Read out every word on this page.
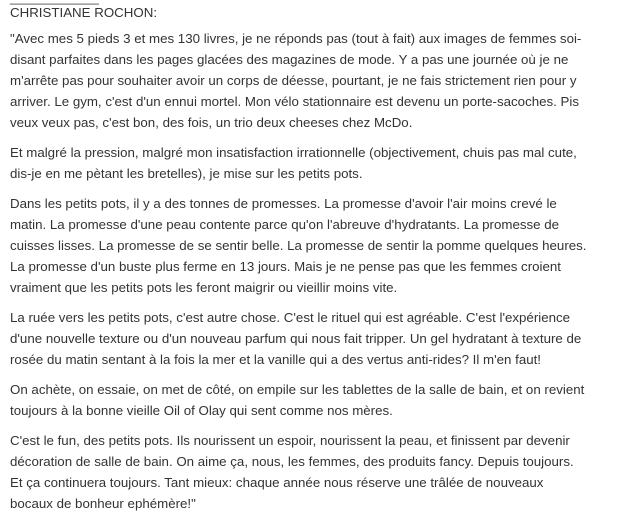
CHRISTIANE ROCHON:
"Avec mes 5 pieds 3 et mes 130 livres, je ne réponds pas (tout à fait) aux images de femmes soi-
disant parfaites dans les pages glacées des magazines de mode. Y a pas une journée où je ne
m'arrête pas pour souhaiter avoir un corps de déesse, pourtant, je ne fais strictement rien pour y
arriver. Le gym, c'est d'un ennui mortel. Mon vélo stationnaire est devenu un porte-sacoches. Pis
veux veux pas, c'est bon, des fois, un trio deux cheeses chez McDo.
Et malgré la pression, malgré mon insatisfaction irrationnelle (objectivement, chuis pas mal cute,
dis-je en me pètant les bretelles), je mise sur les petits pots.
Dans les petits pots, il y a des tonnes de promesses. La promesse d'avoir l'air moins crevé le
matin. La promesse d'une peau contente parce qu'on l'abreuve d'hydratants. La promesse de
cuisses lisses. La promesse de se sentir belle. La promesse de sentir la pomme quelques heures.
La promesse d'un buste plus ferme en 13 jours. Mais je ne pense pas que les femmes croient
vraiment que les petits pots les feront maigrir ou vieillir moins vite.
La ruée vers les petits pots, c'est autre chose. C'est le rituel qui est agréable. C'est l'expérience
d'une nouvelle texture ou d'un nouveau parfum qui nous fait tripper. Un gel hydratant à texture de
rosée du matin sentant à la fois la mer et la vanille qui a des vertus anti-rides? Il m'en faut!
On achète, on essaie, on met de côté, on empile sur les tablettes de la salle de bain, et on revient
toujours à la bonne vieille Oil of Olay qui sent comme nos mères.
C'est le fun, des petits pots. Ils nourissent un espoir, nourissent la peau, et finissent par devenir
décoration de salle de bain. On aime ça, nous, les femmes, des produits fancy. Depuis toujours.
Et ça continuera toujours. Tant mieux: chaque année nous réserve une trâlée de nouveaux
bocaux de bonheur ephémère!"
